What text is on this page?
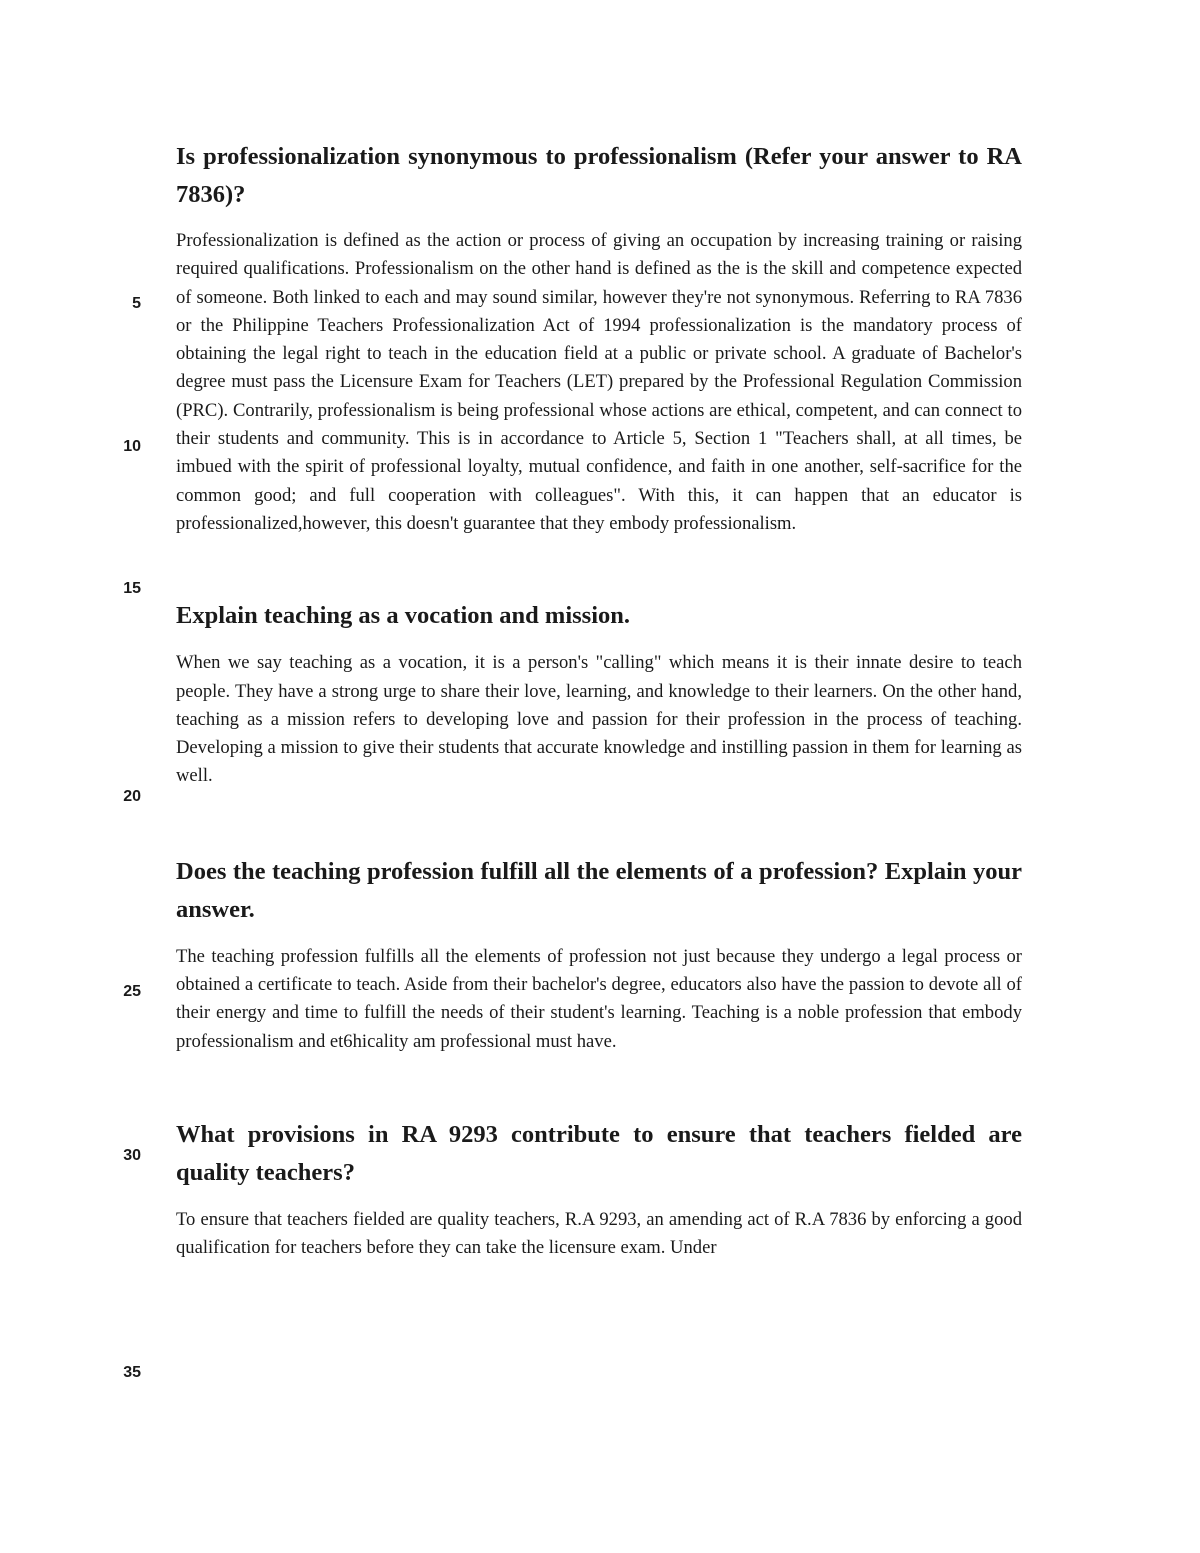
5
10
15
20
25
30
35

Is professionalization synonymous to professionalism (Refer your answer to RA 7836)?

Professionalization is defined as the action or process of giving an occupation by increasing training or raising required qualifications. Professionalism on the other hand is defined as the is the skill and competence expected of someone. Both linked to each and may sound similar, however they're not synonymous. Referring to RA 7836 or the Philippine Teachers Professionalization Act of 1994 professionalization is the mandatory process of obtaining the legal right to teach in the education field at a public or private school. A graduate of Bachelor's degree must pass the Licensure Exam for Teachers (LET) prepared by the Professional Regulation Commission (PRC). Contrarily, professionalism is being professional whose actions are ethical, competent, and can connect to their students and community. This is in accordance to Article 5, Section 1 "Teachers shall, at all times, be imbued with the spirit of professional loyalty, mutual confidence, and faith in one another, self-sacrifice for the common good; and full cooperation with colleagues". With this, it can happen that an educator is professionalized,however, this doesn't guarantee that they embody professionalism.

Explain teaching as a vocation and mission.

When we say teaching as a vocation, it is a person's "calling" which means it is their innate desire to teach people. They have a strong urge to share their love, learning, and knowledge to their learners. On the other hand, teaching as a mission refers to developing love and passion for their profession in the process of teaching. Developing a mission to give their students that accurate knowledge and instilling passion in them for learning as well.

Does the teaching profession fulfill all the elements of a profession? Explain your answer.

The teaching profession fulfills all the elements of profession not just because they undergo a legal process or obtained a certificate to teach. Aside from their bachelor's degree, educators also have the passion to devote all of their energy and time to fulfill the needs of their student's learning. Teaching is a noble profession that embody professionalism and et6hicality am professional must have.

What provisions in RA 9293 contribute to ensure that teachers fielded are quality teachers?

To ensure that teachers fielded are quality teachers, R.A 9293, an amending act of R.A 7836 by enforcing a good qualification for teachers before they can take the licensure exam. Under
